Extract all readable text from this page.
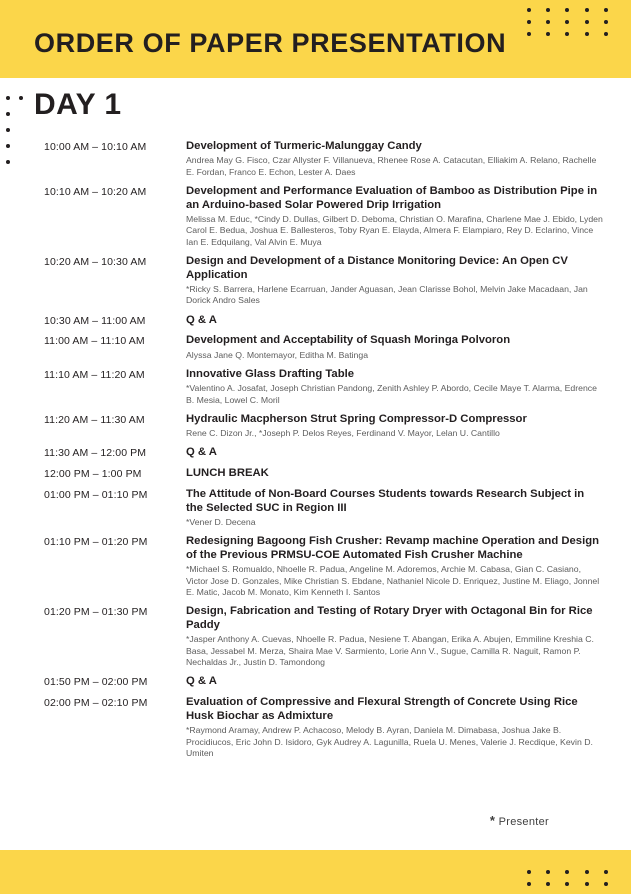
ORDER OF PAPER PRESENTATION
DAY 1
10:00 AM – 10:10 AM	Development of Turmeric-Malunggay Candy
Andrea May G. Fisco, Czar Allyster F. Villanueva, Rhenee Rose A. Catacutan, Elliakim A. Relano, Rachelle E. Fordan, Franco E. Echon, Lester A. Daes
10:10 AM – 10:20 AM	Development and Performance Evaluation of Bamboo as Distribution Pipe in an Arduino-based Solar Powered Drip Irrigation
Melissa M. Educ, *Cindy D. Dullas, Gilbert D. Deboma, Christian O. Marafina, Charlene Mae J. Ebido, Lyden Carol E. Bedua, Joshua E. Ballesteros, Toby Ryan E. Elayda, Almera F. Elampiaro, Rey D. Eclarino, Vince Ian E. Edquilang, Val Alvin E. Muya
10:20 AM – 10:30 AM	Design and Development of a Distance Monitoring Device: An Open CV Application
*Ricky S. Barrera, Harlene Ecarruan, Jander Aguasan, Jean Clarisse Bohol, Melvin Jake Macadaan, Jan Dorick Andro Sales
10:30 AM – 11:00 AM	Q & A
11:00 AM – 11:10 AM	Development and Acceptability of Squash Moringa Polvoron
Alyssa Jane Q. Montemayor, Editha M. Batinga
11:10 AM – 11:20 AM	Innovative Glass Drafting Table
*Valentino A. Josafat, Joseph Christian Pandong, Zenith Ashley P. Abordo, Cecile Maye T. Alarma, Edrence B. Mesia, Lowel C. Moril
11:20 AM – 11:30 AM	Hydraulic Macpherson Strut Spring Compressor-D Compressor
Rene C. Dizon Jr., *Joseph P. Delos Reyes, Ferdinand V. Mayor, Lelan U. Cantillo
11:30 AM – 12:00 PM	Q & A
12:00 PM – 1:00 PM	LUNCH BREAK
01:00 PM – 01:10 PM	The Attitude of Non-Board Courses Students towards Research Subject in the Selected SUC in Region III
*Vener D. Decena
01:10 PM – 01:20 PM	Redesigning Bagoong Fish Crusher: Revamp machine Operation and Design of the Previous PRMSU-COE Automated Fish Crusher Machine
*Michael S. Romualdo, Nhoelle R. Padua, Angeline M. Adoremos, Archie M. Cabasa, Gian C. Casiano, Victor Jose D. Gonzales, Mike Christian S. Ebdane, Nathaniel Nicole D. Enriquez, Justine M. Eliago, Jonnel E. Matic, Jacob M. Monato, Kim Kenneth I. Santos
01:20 PM – 01:30 PM	Design, Fabrication and Testing of Rotary Dryer with Octagonal Bin for Rice Paddy
*Jasper Anthony A. Cuevas, Nhoelle R. Padua, Nesiene T. Abangan, Erika A. Abujen, Emmiline Kreshia C. Basa, Jessabel M. Merza, Shaira Mae V. Sarmiento, Lorie Ann V., Sugue, Camilla R. Naguit, Ramon P. Nechaldas Jr., Justin D. Tamondong
01:50 PM – 02:00 PM	Q & A
02:00 PM – 02:10 PM	Evaluation of Compressive and Flexural Strength of Concrete Using Rice Husk Biochar as Admixture
*Raymond Aramay, Andrew P. Achacoso, Melody B. Ayran, Daniela M. Dimabasa, Joshua Jake B. Procidiucos, Eric John D. Isidoro, Gyk Audrey A. Lagunilla, Ruela U. Menes, Valerie J. Recdique, Kevin D. Umiten
* Presenter
